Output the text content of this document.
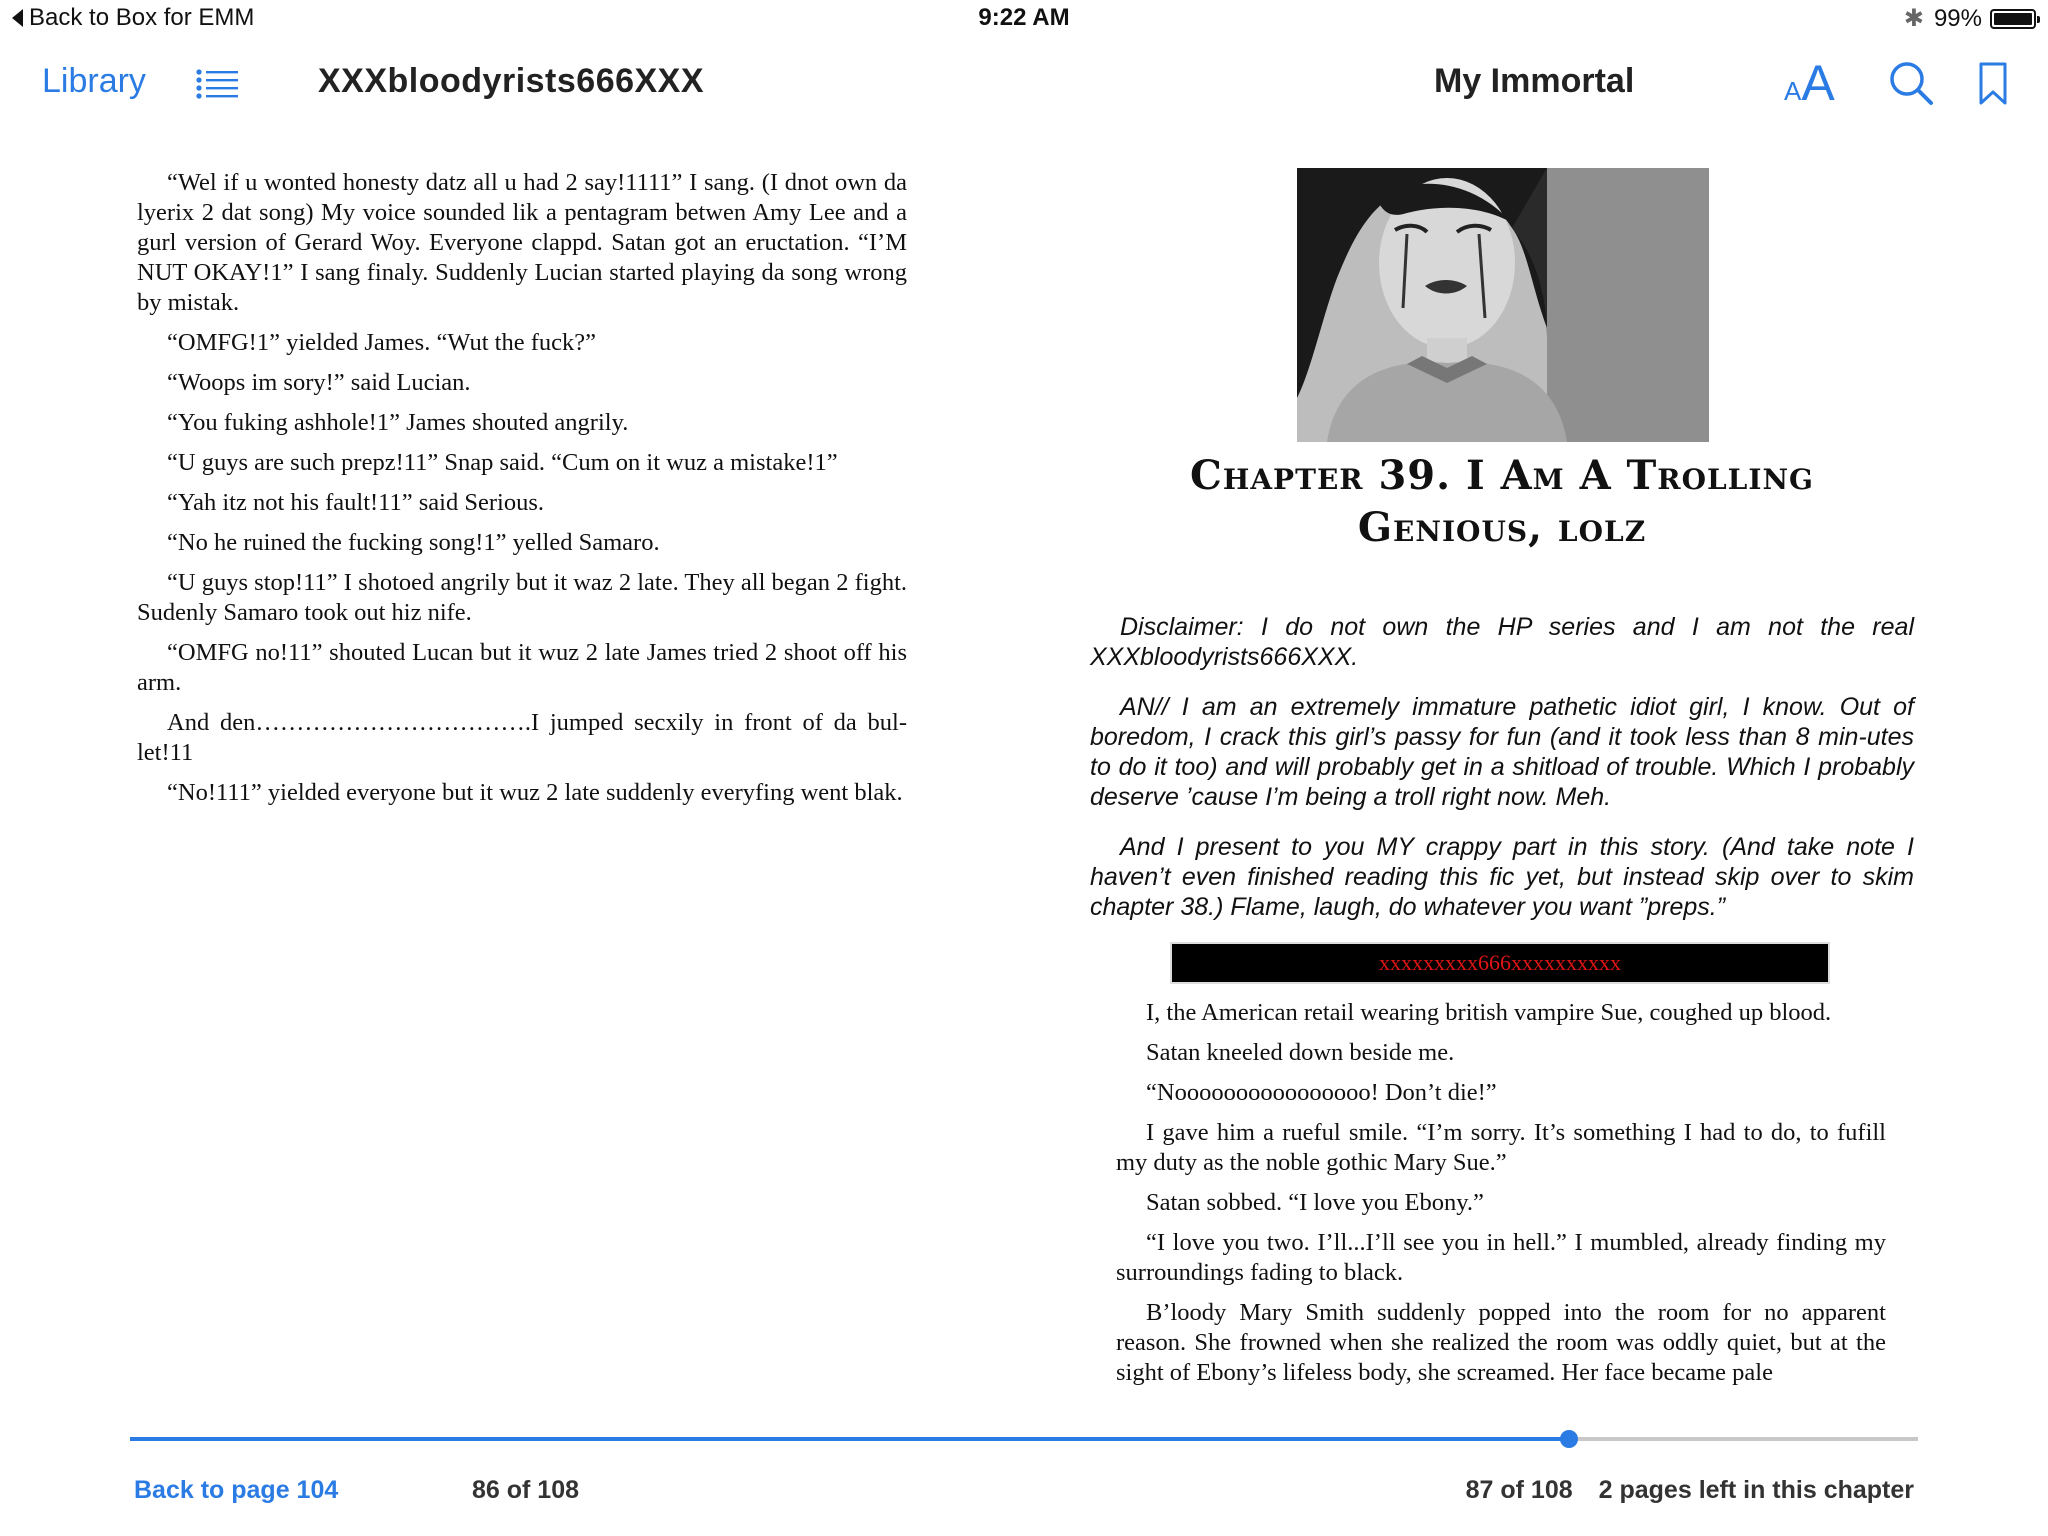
Back to Box for EMM	9:22 AM	✱ 99%
Library	XXXbloodyrists666XXX	My Immortal	AA

“Wel if u wonted honesty datz all u had 2 say!1111” I sang. (I dnot own da lyerix 2 dat song) My voice sounded lik a pentagram betwen Amy Lee and a gurl version of Gerard Woy. Everyone clappd. Satan got an eructation. “I’M NUT OKAY!1” I sang finaly. Suddenly Lucian started playing da song wrong by mistak.

“OMFG!1” yielded James. “Wut the fuck?”

“Woops im sory!” said Lucian.

“You fuking ashhole!1” James shouted angrily.

“U guys are such prepz!11” Snap said. “Cum on it wuz a mistake!1”

“Yah itz not his fault!11” said Serious.

“No he ruined the fucking song!1” yelled Samaro.

“U guys stop!11” I shotoed angrily but it waz 2 late. They all began 2 fight. Sudenly Samaro took out hiz nife.

“OMFG no!11” shouted Lucan but it wuz 2 late James tried 2 shoot off his arm.

And den…………………………….I jumped secxily in front of da bul-let!11

“No!111” yielded everyone but it wuz 2 late suddenly everyfing went blak.

Chapter 39. I Am A Trolling
Genious, lolz

Disclaimer: I do not own the HP series and I am not the real XXXbloodyrists666XXX.

AN// I am an extremely immature pathetic idiot girl, I know. Out of boredom, I crack this girl’s passy for fun (and it took less than 8 min-utes to do it too) and will probably get in a shitload of trouble. Which I probably deserve ’cause I’m being a troll right now. Meh.

And I present to you MY crappy part in this story. (And take note I haven’t even finished reading this fic yet, but instead skip over to skim chapter 38.) Flame, laugh, do whatever you want ”preps.”

xxxxxxxxx666xxxxxxxxxx

I, the American retail wearing british vampire Sue, coughed up blood.

Satan kneeled down beside me.

“Noooooooooooooooo! Don’t die!”

I gave him a rueful smile. “I’m sorry. It’s something I had to do, to fufill my duty as the noble gothic Mary Sue.”

Satan sobbed. “I love you Ebony.”

“I love you two. I’ll...I’ll see you in hell.” I mumbled, already finding my surroundings fading to black.

B’loody Mary Smith suddenly popped into the room for no apparent reason. She frowned when she realized the room was oddly quiet, but at the sight of Ebony’s lifeless body, she screamed. Her face became pale

Back to page 104	86 of 108	87 of 108 2 pages left in this chapter
